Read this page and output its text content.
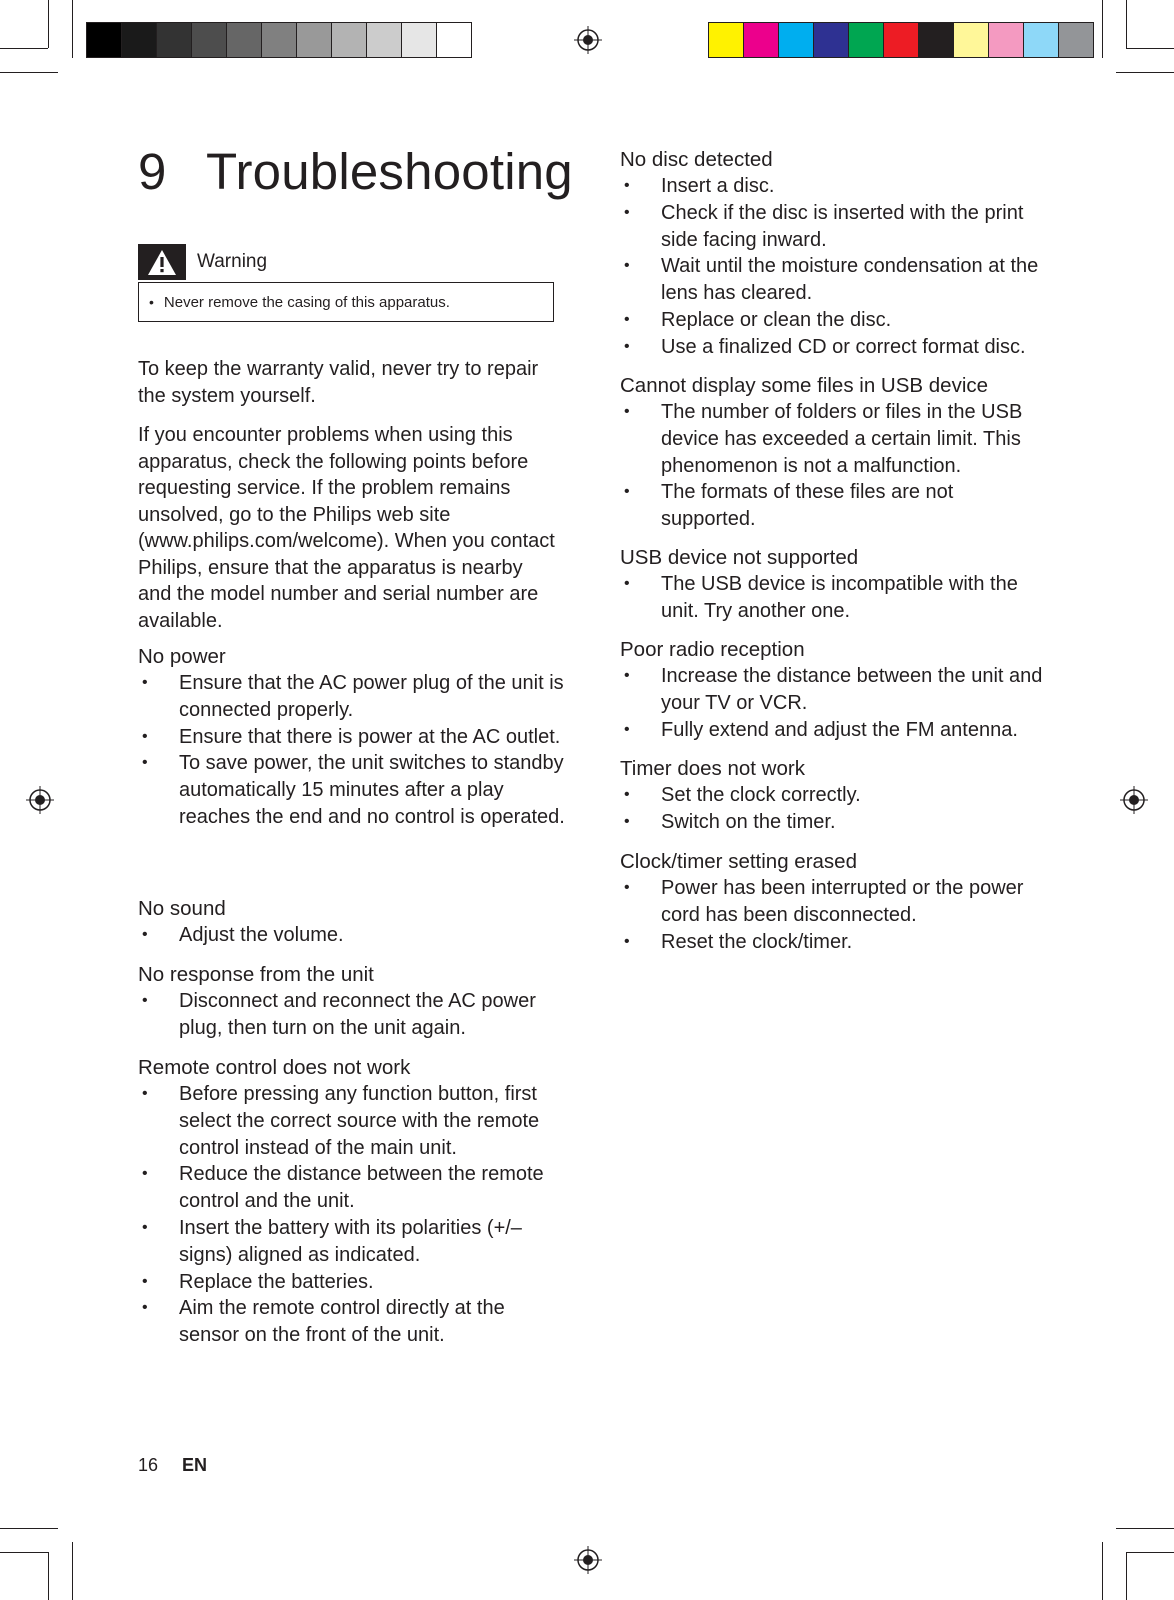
9 Troubleshooting
Warning
• Never remove the casing of this apparatus.

To keep the warranty valid, never try to repair the system yourself.

If you encounter problems when using this apparatus, check the following points before requesting service. If the problem remains unsolved, go to the Philips web site (www.philips.com/welcome). When you contact Philips, ensure that the apparatus is nearby and the model number and serial number are available.

No power
• Ensure that the AC power plug of the unit is connected properly.
• Ensure that there is power at the AC outlet.
• To save power, the unit switches to standby automatically 15 minutes after a play reaches the end and no control is operated.
No sound
• Adjust the volume.
No response from the unit
• Disconnect and reconnect the AC power plug, then turn on the unit again.
Remote control does not work
• Before pressing any function button, first select the correct source with the remote control instead of the main unit.
• Reduce the distance between the remote control and the unit.
• Insert the battery with its polarities (+/– signs) aligned as indicated.
• Replace the batteries.
• Aim the remote control directly at the sensor on the front of the unit.
No disc detected
• Insert a disc.
• Check if the disc is inserted with the print side facing inward.
• Wait until the moisture condensation at the lens has cleared.
• Replace or clean the disc.
• Use a finalized CD or correct format disc.
Cannot display some files in USB device
• The number of folders or files in the USB device has exceeded a certain limit. This phenomenon is not a malfunction.
• The formats of these files are not supported.
USB device not supported
• The USB device is incompatible with the unit. Try another one.
Poor radio reception
• Increase the distance between the unit and your TV or VCR.
• Fully extend and adjust the FM antenna.
Timer does not work
• Set the clock correctly.
• Switch on the timer.
Clock/timer setting erased
• Power has been interrupted or the power cord has been disconnected.
• Reset the clock/timer.
16 EN
